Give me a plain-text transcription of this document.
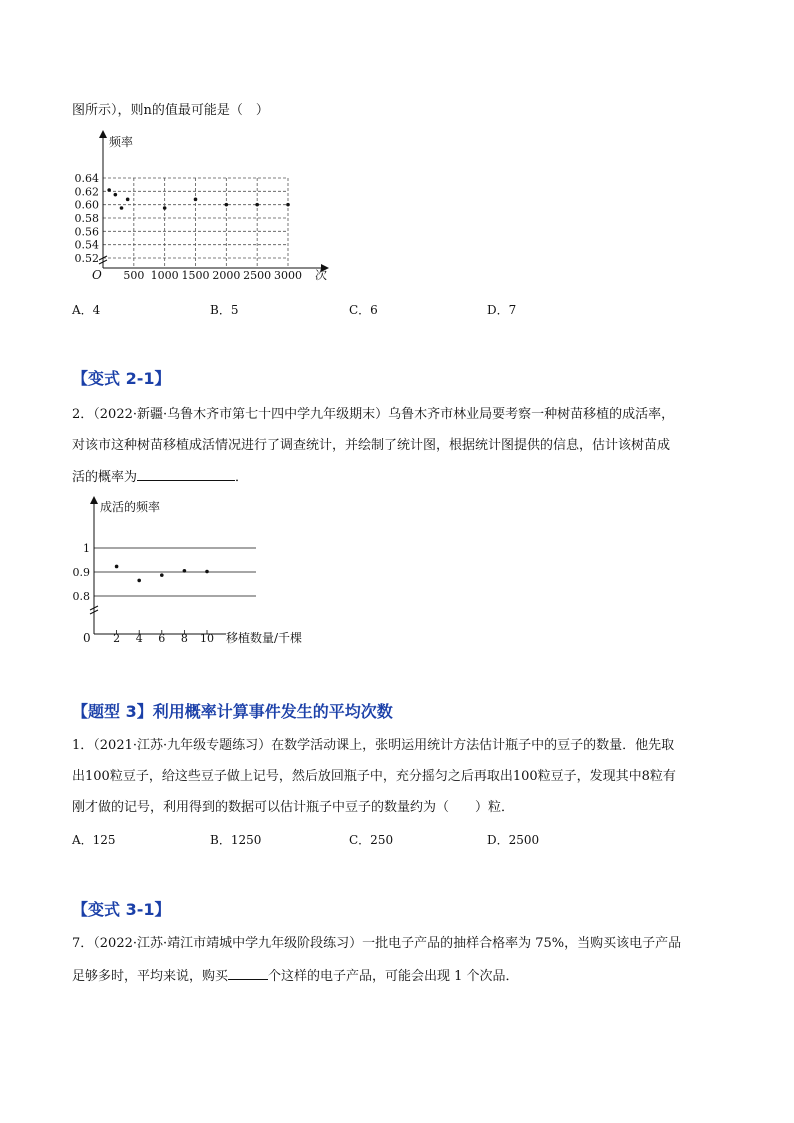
图所示），则n的值最可能是（　）
频率
次
O
0.64
0.62
0.60
0.58
0.56
0.54
0.52
500 1000 1500 2000 2500 3000
A．4	B．5	C．6	D．7
【变式 2-1】
2．（2022·新疆·乌鲁木齐市第七十四中学九年级期末）乌鲁木齐市林业局要考察一种树苗移植的成活率，
对该市这种树苗移植成活情况进行了调查统计，并绘制了统计图，根据统计图提供的信息，估计该树苗成
活的概率为	．
成活的频率
移植数量/千棵
0
1
0.9
0.8
2 4 6 8 10
【题型 3】利用概率计算事件发生的平均次数
1．（2021·江苏·九年级专题练习）在数学活动课上，张明运用统计方法估计瓶子中的豆子的数量．他先取
出100粒豆子，给这些豆子做上记号，然后放回瓶子中，充分摇匀之后再取出100粒豆子，发现其中8粒有
刚才做的记号，利用得到的数据可以估计瓶子中豆子的数量约为（　　）粒．
A．125	B．1250	C．250	D．2500
【变式 3-1】
7．（2022·江苏·靖江市靖城中学九年级阶段练习）一批电子产品的抽样合格率为 75%，当购买该电子产品
足够多时，平均来说，购买	个这样的电子产品，可能会出现 1 个次品．
